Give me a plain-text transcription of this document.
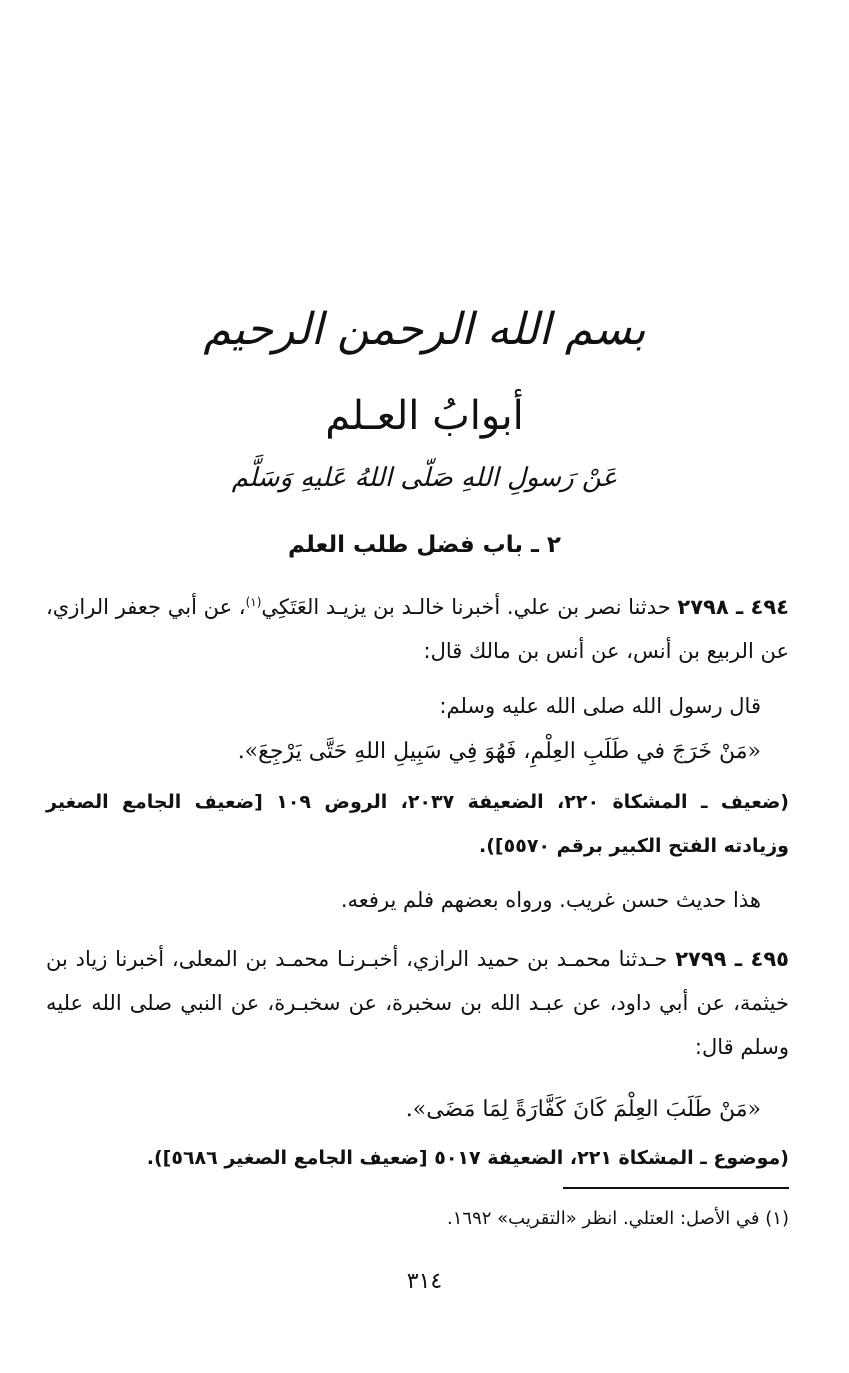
بسم الله الرحمن الرحيم
أبوابُ العـلم
عَنْ رَسولِ اللهِ صَلّى اللهُ عَليهِ وَسَلَّم
٢ ـ باب فضل طلب العلم
٤٩٤ ـ ٢٧٩٨ حدثنا نصر بن علي. أخبرنا خالـد بن يزيـد العَتَكِي$^{(١)}$، عن أبي جعفر الرازي، عن الربيع بن أنس، عن أنس بن مالك قال:
قال رسول الله صلى الله عليه وسلم:
«مَنْ خَرَجَ في طَلَبِ العِلْمِ، فَهُوَ فِي سَبِيلِ اللهِ حَتَّى يَرْجِعَ».
(ضعيف ـ المشكاة ٢٢٠، الضعيفة ٢٠٣٧، الروض ١٠٩ [ضعيف الجامع الصغير وزيادته الفتح الكبير برقم ٥٥٧٠]).
هذا حديث حسن غريب. ورواه بعضهم فلم يرفعه.
٤٩٥ ـ ٢٧٩٩ حـدثنا محمـد بن حميد الرازي، أخبـرنـا محمـد بن المعلى، أخبرنا زياد بن خيثمة، عن أبي داود، عن عبـد الله بن سخبرة، عن سخبـرة، عن النبي صلى الله عليه وسلم قال:
«مَنْ طَلَبَ العِلْمَ كَانَ كَفَّارَةً لِمَا مَضَى».
(موضوع ـ المشكاة ٢٢١، الضعيفة ٥٠١٧ [ضعيف الجامع الصغير ٥٦٨٦]).
(١) في الأصل: العتلي. انظر «التقريب» ١٦٩٢.
٣١٤
